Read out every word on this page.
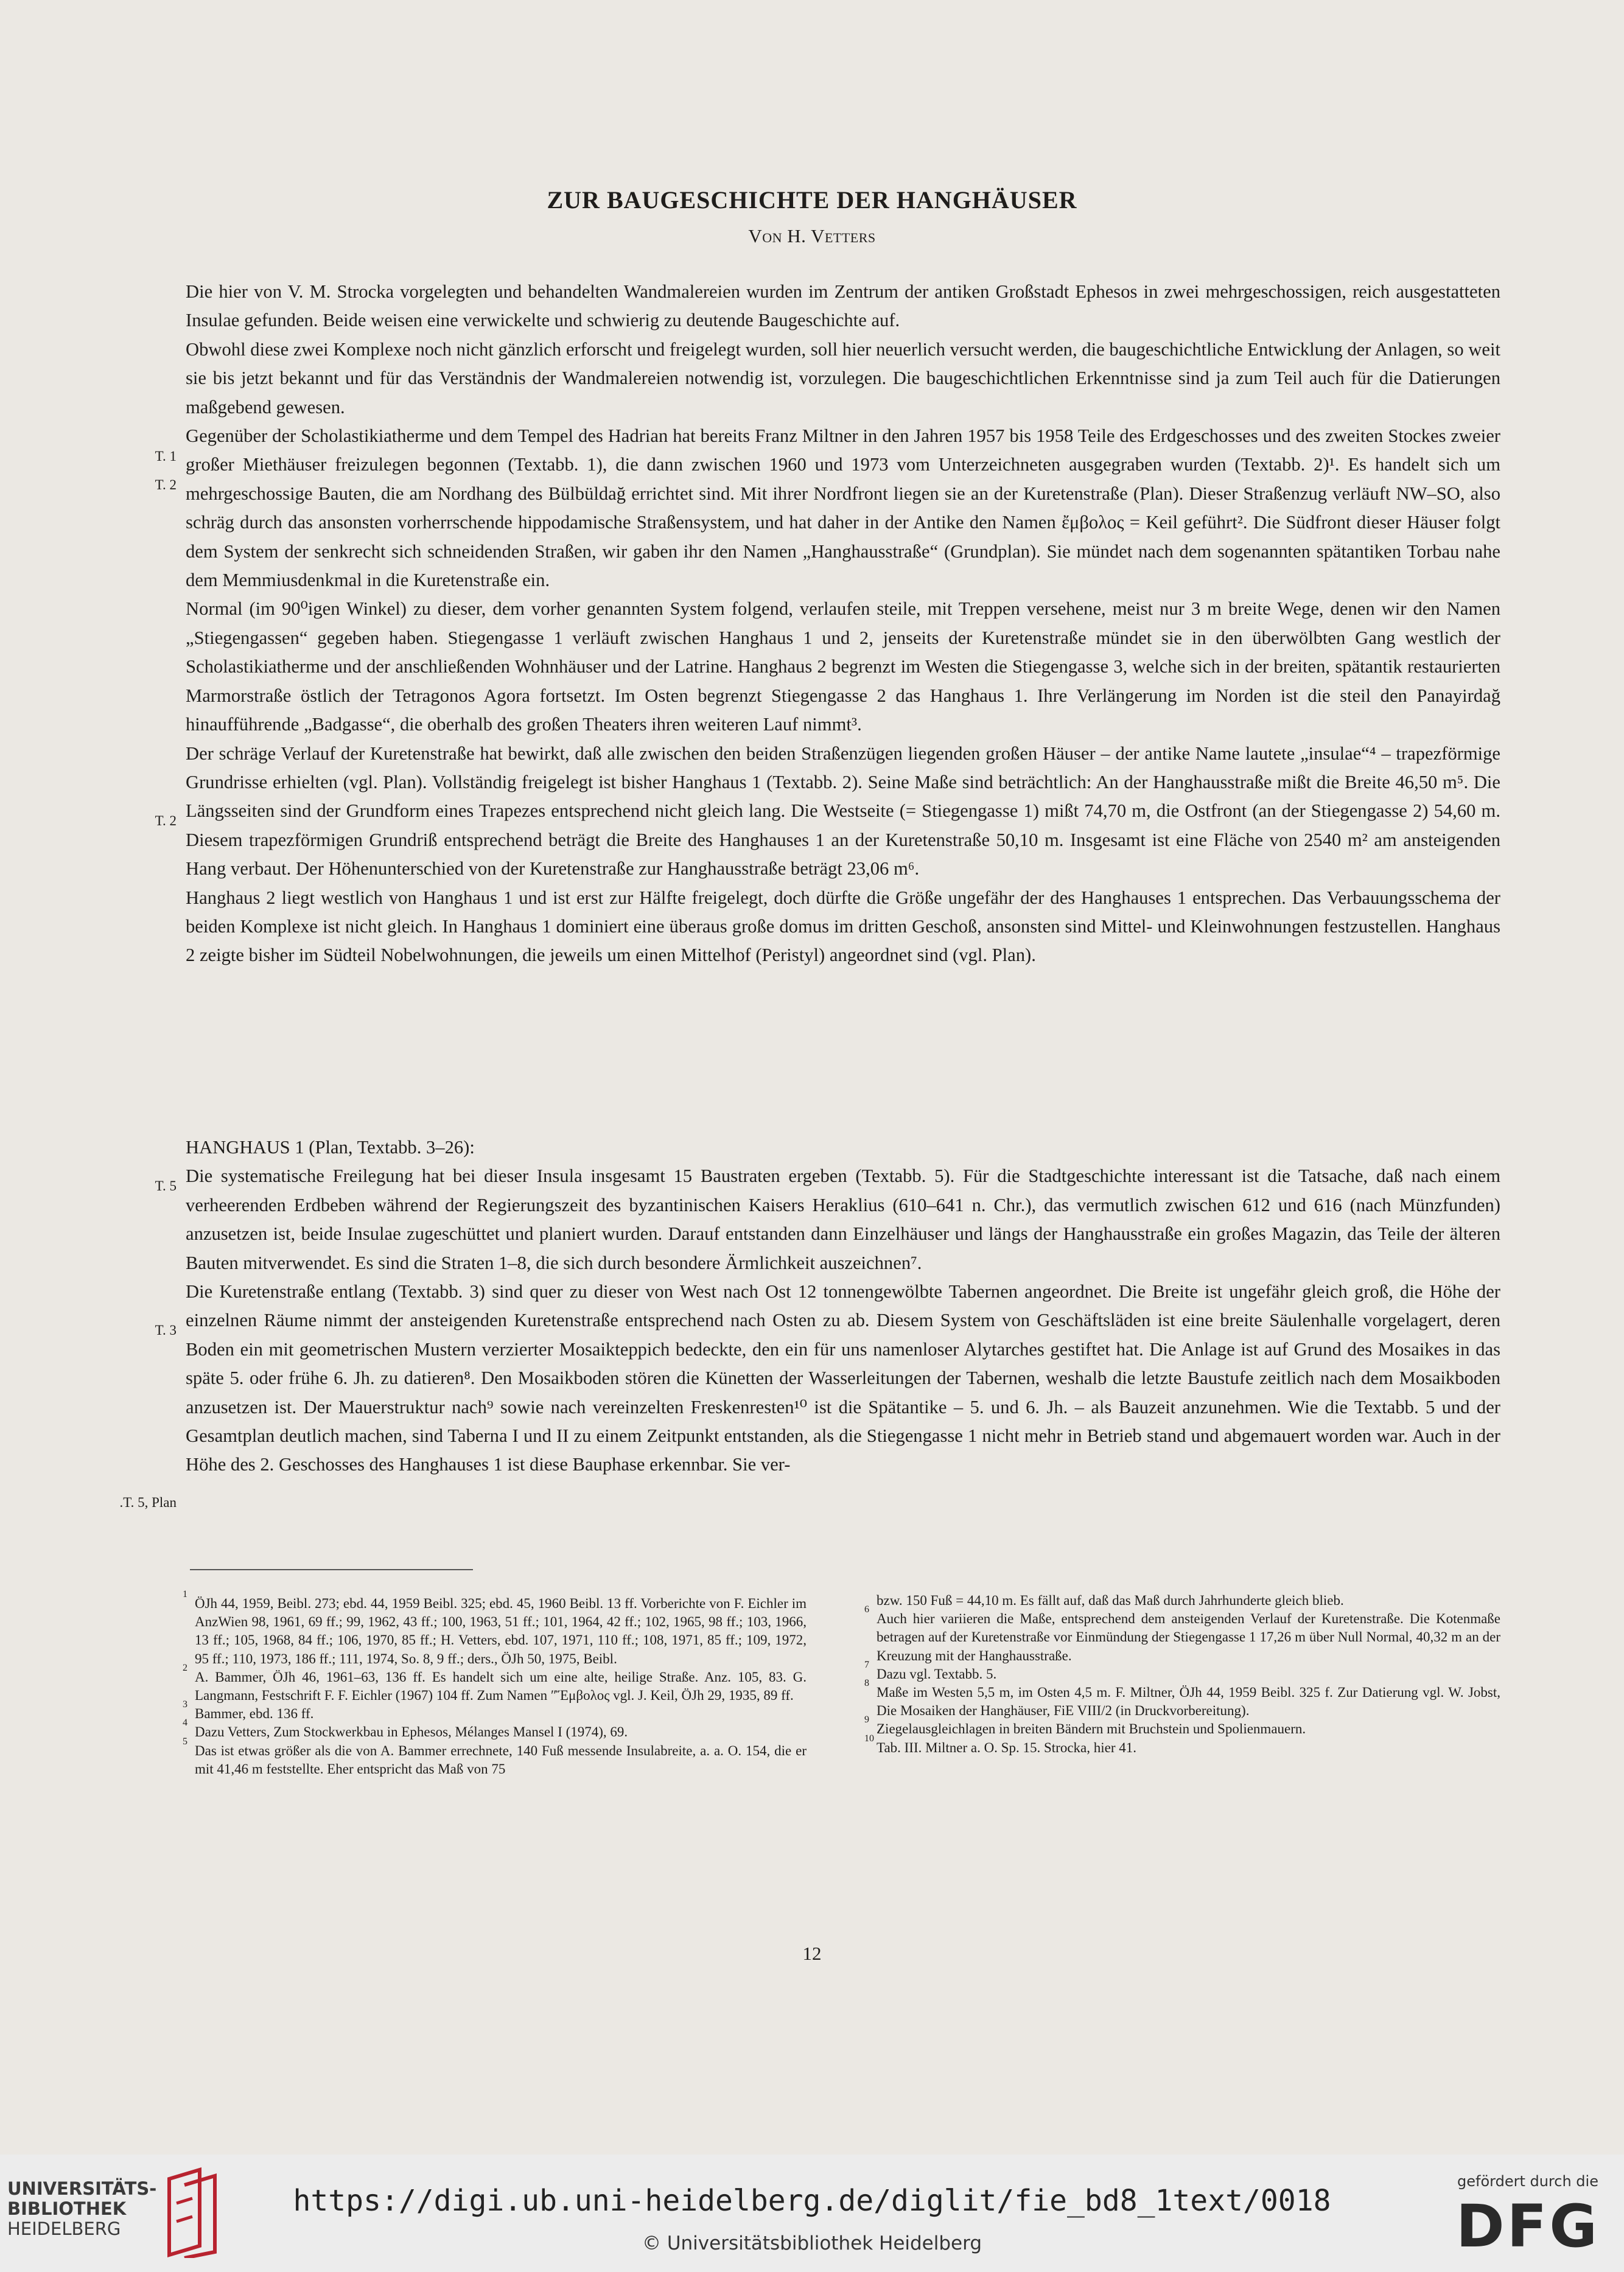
ZUR BAUGESCHICHTE DER HANGHÄUSER
Von H. Vetters
T. 1
T. 2
T. 2
T. 5
T. 3
.T. 5, Plan

Die hier von V. M. Strocka vorgelegten und behandelten Wandmalereien wurden im Zentrum der antiken Großstadt Ephesos in zwei mehrgeschossigen, reich ausgestatteten Insulae gefunden. Beide weisen eine verwickelte und schwierig zu deutende Baugeschichte auf.

Obwohl diese zwei Komplexe noch nicht gänzlich erforscht und freigelegt wurden, soll hier neuerlich versucht werden, die baugeschichtliche Entwicklung der Anlagen, so weit sie bis jetzt bekannt und für das Verständnis der Wandmalereien notwendig ist, vorzulegen. Die baugeschichtlichen Erkenntnisse sind ja zum Teil auch für die Datierungen maßgebend gewesen.

Gegenüber der Scholastikiatherme und dem Tempel des Hadrian hat bereits Franz Miltner in den Jahren 1957 bis 1958 Teile des Erdgeschosses und des zweiten Stockes zweier großer Miethäuser freizulegen begonnen (Textabb. 1), die dann zwischen 1960 und 1973 vom Unterzeichneten ausgegraben wurden (Textabb. 2)¹. Es handelt sich um mehrgeschossige Bauten, die am Nordhang des Bülbüldağ errichtet sind. Mit ihrer Nordfront liegen sie an der Kuretenstraße (Plan). Dieser Straßenzug verläuft NW–SO, also schräg durch das ansonsten vorherrschende hippodamische Straßensystem, und hat daher in der Antike den Namen ἔμβολος = Keil geführt². Die Südfront dieser Häuser folgt dem System der senkrecht sich schneidenden Straßen, wir gaben ihr den Namen „Hanghausstraße“ (Grundplan). Sie mündet nach dem sogenannten spätantiken Torbau nahe dem Memmiusdenkmal in die Kuretenstraße ein.

Normal (im 90⁰igen Winkel) zu dieser, dem vorher genannten System folgend, verlaufen steile, mit Treppen versehene, meist nur 3 m breite Wege, denen wir den Namen „Stiegengassen“ gegeben haben. Stiegengasse 1 verläuft zwischen Hanghaus 1 und 2, jenseits der Kuretenstraße mündet sie in den überwölbten Gang westlich der Scholastikiatherme und der anschließenden Wohnhäuser und der Latrine. Hanghaus 2 begrenzt im Westen die Stiegengasse 3, welche sich in der breiten, spätantik restaurierten Marmorstraße östlich der Tetragonos Agora fortsetzt. Im Osten begrenzt Stiegengasse 2 das Hanghaus 1. Ihre Verlängerung im Norden ist die steil den Panayirdağ hinaufführende „Badgasse“, die oberhalb des großen Theaters ihren weiteren Lauf nimmt³.

Der schräge Verlauf der Kuretenstraße hat bewirkt, daß alle zwischen den beiden Straßenzügen liegenden großen Häuser – der antike Name lautete „insulae“⁴ – trapezförmige Grundrisse erhielten (vgl. Plan). Vollständig freigelegt ist bisher Hanghaus 1 (Textabb. 2). Seine Maße sind beträchtlich: An der Hanghausstraße mißt die Breite 46,50 m⁵. Die Längsseiten sind der Grundform eines Trapezes entsprechend nicht gleich lang. Die Westseite (= Stiegengasse 1) mißt 74,70 m, die Ostfront (an der Stiegengasse 2) 54,60 m. Diesem trapezförmigen Grundriß entsprechend beträgt die Breite des Hanghauses 1 an der Kuretenstraße 50,10 m. Insgesamt ist eine Fläche von 2540 m² am ansteigenden Hang verbaut. Der Höhenunterschied von der Kuretenstraße zur Hanghausstraße beträgt 23,06 m⁶.

Hanghaus 2 liegt westlich von Hanghaus 1 und ist erst zur Hälfte freigelegt, doch dürfte die Größe ungefähr der des Hanghauses 1 entsprechen. Das Verbauungsschema der beiden Komplexe ist nicht gleich. In Hanghaus 1 dominiert eine überaus große domus im dritten Geschoß, ansonsten sind Mittel- und Kleinwohnungen festzustellen. Hanghaus 2 zeigte bisher im Südteil Nobelwohnungen, die jeweils um einen Mittelhof (Peristyl) angeordnet sind (vgl. Plan).

HANGHAUS 1 (Plan, Textabb. 3–26):

Die systematische Freilegung hat bei dieser Insula insgesamt 15 Baustraten ergeben (Textabb. 5). Für die Stadtgeschichte interessant ist die Tatsache, daß nach einem verheerenden Erdbeben während der Regierungszeit des byzantinischen Kaisers Heraklius (610–641 n. Chr.), das vermutlich zwischen 612 und 616 (nach Münzfunden) anzusetzen ist, beide Insulae zugeschüttet und planiert wurden. Darauf entstanden dann Einzelhäuser und längs der Hanghausstraße ein großes Magazin, das Teile der älteren Bauten mitverwendet. Es sind die Straten 1–8, die sich durch besondere Ärmlichkeit auszeichnen⁷.

Die Kuretenstraße entlang (Textabb. 3) sind quer zu dieser von West nach Ost 12 tonnengewölbte Tabernen angeordnet. Die Breite ist ungefähr gleich groß, die Höhe der einzelnen Räume nimmt der ansteigenden Kuretenstraße entsprechend nach Osten zu ab. Diesem System von Geschäftsläden ist eine breite Säulenhalle vorgelagert, deren Boden ein mit geometrischen Mustern verzierter Mosaikteppich bedeckte, den ein für uns namenloser Alytarches gestiftet hat. Die Anlage ist auf Grund des Mosaikes in das späte 5. oder frühe 6. Jh. zu datieren⁸. Den Mosaikboden stören die Künetten der Wasserleitungen der Tabernen, weshalb die letzte Baustufe zeitlich nach dem Mosaikboden anzusetzen ist. Der Mauerstruktur nach⁹ sowie nach vereinzelten Freskenresten¹⁰ ist die Spätantike – 5. und 6. Jh. – als Bauzeit anzunehmen. Wie die Textabb. 5 und der Gesamtplan deutlich machen, sind Taberna I und II zu einem Zeitpunkt entstanden, als die Stiegengasse 1 nicht mehr in Betrieb stand und abgemauert worden war. Auch in der Höhe des 2. Geschosses des Hanghauses 1 ist diese Bauphase erkennbar. Sie ver-

1
ÖJh 44, 1959, Beibl. 273; ebd. 44, 1959 Beibl. 325; ebd. 45, 1960 Beibl. 13 ff. Vorberichte von F. Eichler im AnzWien 98, 1961, 69 ff.; 99, 1962, 43 ff.; 100, 1963, 51 ff.; 101, 1964, 42 ff.; 102, 1965, 98 ff.; 103, 1966, 13 ff.; 105, 1968, 84 ff.; 106, 1970, 85 ff.; H. Vetters, ebd. 107, 1971, 110 ff.; 108, 1971, 85 ff.; 109, 1972, 95 ff.; 110, 1973, 186 ff.; 111, 1974, So. 8, 9 ff.; ders., ÖJh 50, 1975, Beibl.

2
A. Bammer, ÖJh 46, 1961–63, 136 ff. Es handelt sich um eine alte, heilige Straße. Anz. 105, 83. G. Langmann, Festschrift F. F. Eichler (1967) 104 ff. Zum Namen ʺἜμβολος vgl. J. Keil, ÖJh 29, 1935, 89 ff.

3
Bammer, ebd. 136 ff.

4
Dazu Vetters, Zum Stockwerkbau in Ephesos, Mélanges Mansel I (1974), 69.

5
Das ist etwas größer als die von A. Bammer errechnete, 140 Fuß messende Insulabreite, a. a. O. 154, die er mit 41,46 m feststellte. Eher entspricht das Maß von 75

bzw. 150 Fuß = 44,10 m. Es fällt auf, daß das Maß durch Jahrhunderte gleich blieb.

6
Auch hier variieren die Maße, entsprechend dem ansteigenden Verlauf der Kuretenstraße. Die Kotenmaße betragen auf der Kuretenstraße vor Einmündung der Stiegengasse 1 17,26 m über Null Normal, 40,32 m an der Kreuzung mit der Hanghausstraße.

7
Dazu vgl. Textabb. 5.

8
Maße im Westen 5,5 m, im Osten 4,5 m. F. Miltner, ÖJh 44, 1959 Beibl. 325 f. Zur Datierung vgl. W. Jobst, Die Mosaiken der Hanghäuser, FiE VIII/2 (in Druckvorbereitung).

9
Ziegelausgleichlagen in breiten Bändern mit Bruchstein und Spolienmauern.

10
Tab. III. Miltner a. O. Sp. 15. Strocka, hier 41.

12
UNIVERSITÄTS-
BIBLIOTHEK
HEIDELBERG
https://digi.ub.uni-heidelberg.de/diglit/fie_bd8_1text/0018
© Universitätsbibliothek Heidelberg
gefördert durch die
DFG
